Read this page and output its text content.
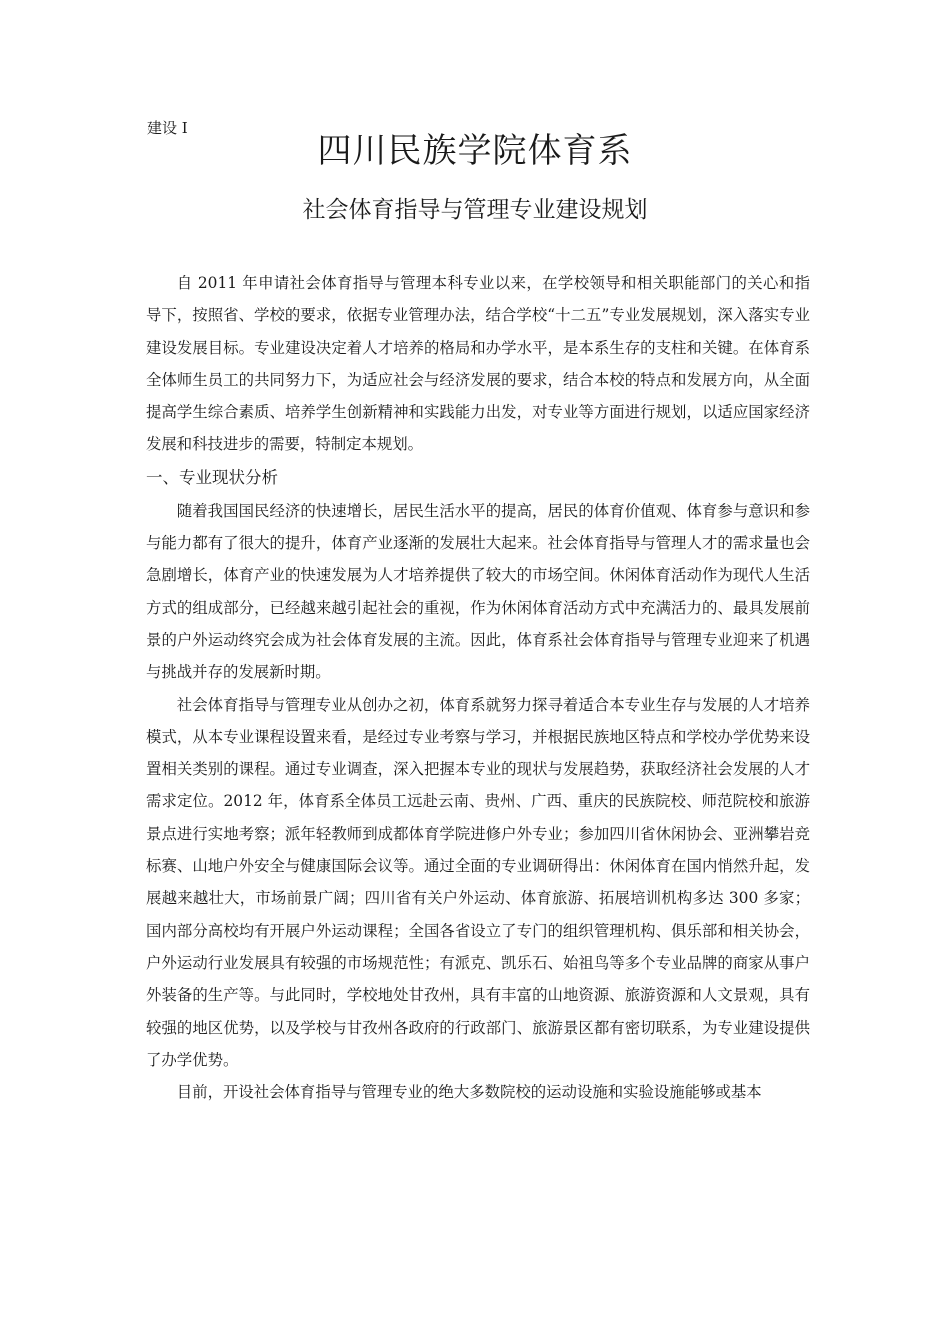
建设 I
四川民族学院体育系
社会体育指导与管理专业建设规划

自 2011 年申请社会体育指导与管理本科专业以来，在学校领导和相关职能部门的关心和指导下，按照省、学校的要求，依据专业管理办法，结合学校“十二五”专业发展规划，深入落实专业建设发展目标。专业建设决定着人才培养的格局和办学水平，是本系生存的支柱和关键。在体育系全体师生员工的共同努力下，为适应社会与经济发展的要求，结合本校的特点和发展方向，从全面提高学生综合素质、培养学生创新精神和实践能力出发，对专业等方面进行规划，以适应国家经济发展和科技进步的需要，特制定本规划。

一、专业现状分析

随着我国国民经济的快速增长，居民生活水平的提高，居民的体育价值观、体育参与意识和参与能力都有了很大的提升，体育产业逐渐的发展壮大起来。社会体育指导与管理人才的需求量也会急剧增长，体育产业的快速发展为人才培养提供了较大的市场空间。休闲体育活动作为现代人生活方式的组成部分，已经越来越引起社会的重视，作为休闲体育活动方式中充满活力的、最具发展前景的户外运动终究会成为社会体育发展的主流。因此，体育系社会体育指导与管理专业迎来了机遇与挑战并存的发展新时期。

社会体育指导与管理专业从创办之初，体育系就努力探寻着适合本专业生存与发展的人才培养模式，从本专业课程设置来看，是经过专业考察与学习，并根据民族地区特点和学校办学优势来设置相关类别的课程。通过专业调查，深入把握本专业的现状与发展趋势，获取经济社会发展的人才需求定位。2012 年，体育系全体员工远赴云南、贵州、广西、重庆的民族院校、师范院校和旅游景点进行实地考察；派年轻教师到成都体育学院进修户外专业；参加四川省休闲协会、亚洲攀岩竞标赛、山地户外安全与健康国际会议等。通过全面的专业调研得出：休闲体育在国内悄然升起，发展越来越壮大，市场前景广阔；四川省有关户外运动、体育旅游、拓展培训机构多达 300 多家；国内部分高校均有开展户外运动课程；全国各省设立了专门的组织管理机构、俱乐部和相关协会，户外运动行业发展具有较强的市场规范性；有派克、凯乐石、始祖鸟等多个专业品牌的商家从事户外装备的生产等。与此同时，学校地处甘孜州，具有丰富的山地资源、旅游资源和人文景观，具有较强的地区优势，以及学校与甘孜州各政府的行政部门、旅游景区都有密切联系，为专业建设提供了办学优势。

目前，开设社会体育指导与管理专业的绝大多数院校的运动设施和实验设施能够或基本
